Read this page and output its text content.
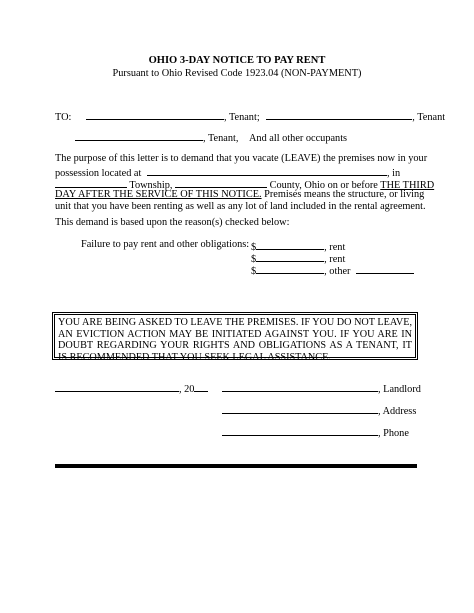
OHIO 3-DAY NOTICE TO PAY RENT
Pursuant to Ohio Revised Code 1923.04 (NON-PAYMENT)
TO:	, Tenant;	, Tenant
, Tenant, And all other occupants
The purpose of this letter is to demand that you vacate (LEAVE) the premises now in your
possession located at	, in
Township,	County, Ohio on or before THE THIRD
DAY AFTER THE SERVICE OF THIS NOTICE. Premises means the structure, or living
unit that you have been renting as well as any lot of land included in the rental agreement.
This demand is based upon the reason(s) checked below:
Failure to pay rent and other obligations: $	, rent
$	, rent
$	, other
YOU ARE BEING ASKED TO LEAVE THE PREMISES. IF YOU DO NOT LEAVE, AN EVICTION ACTION MAY BE INITIATED AGAINST YOU. IF YOU ARE IN DOUBT REGARDING YOUR RIGHTS AND OBLIGATIONS AS A TENANT, IT IS RECOMMENDED THAT YOU SEEK LEGAL ASSISTANCE.
, 20	, Landlord
, Address
, Phone
